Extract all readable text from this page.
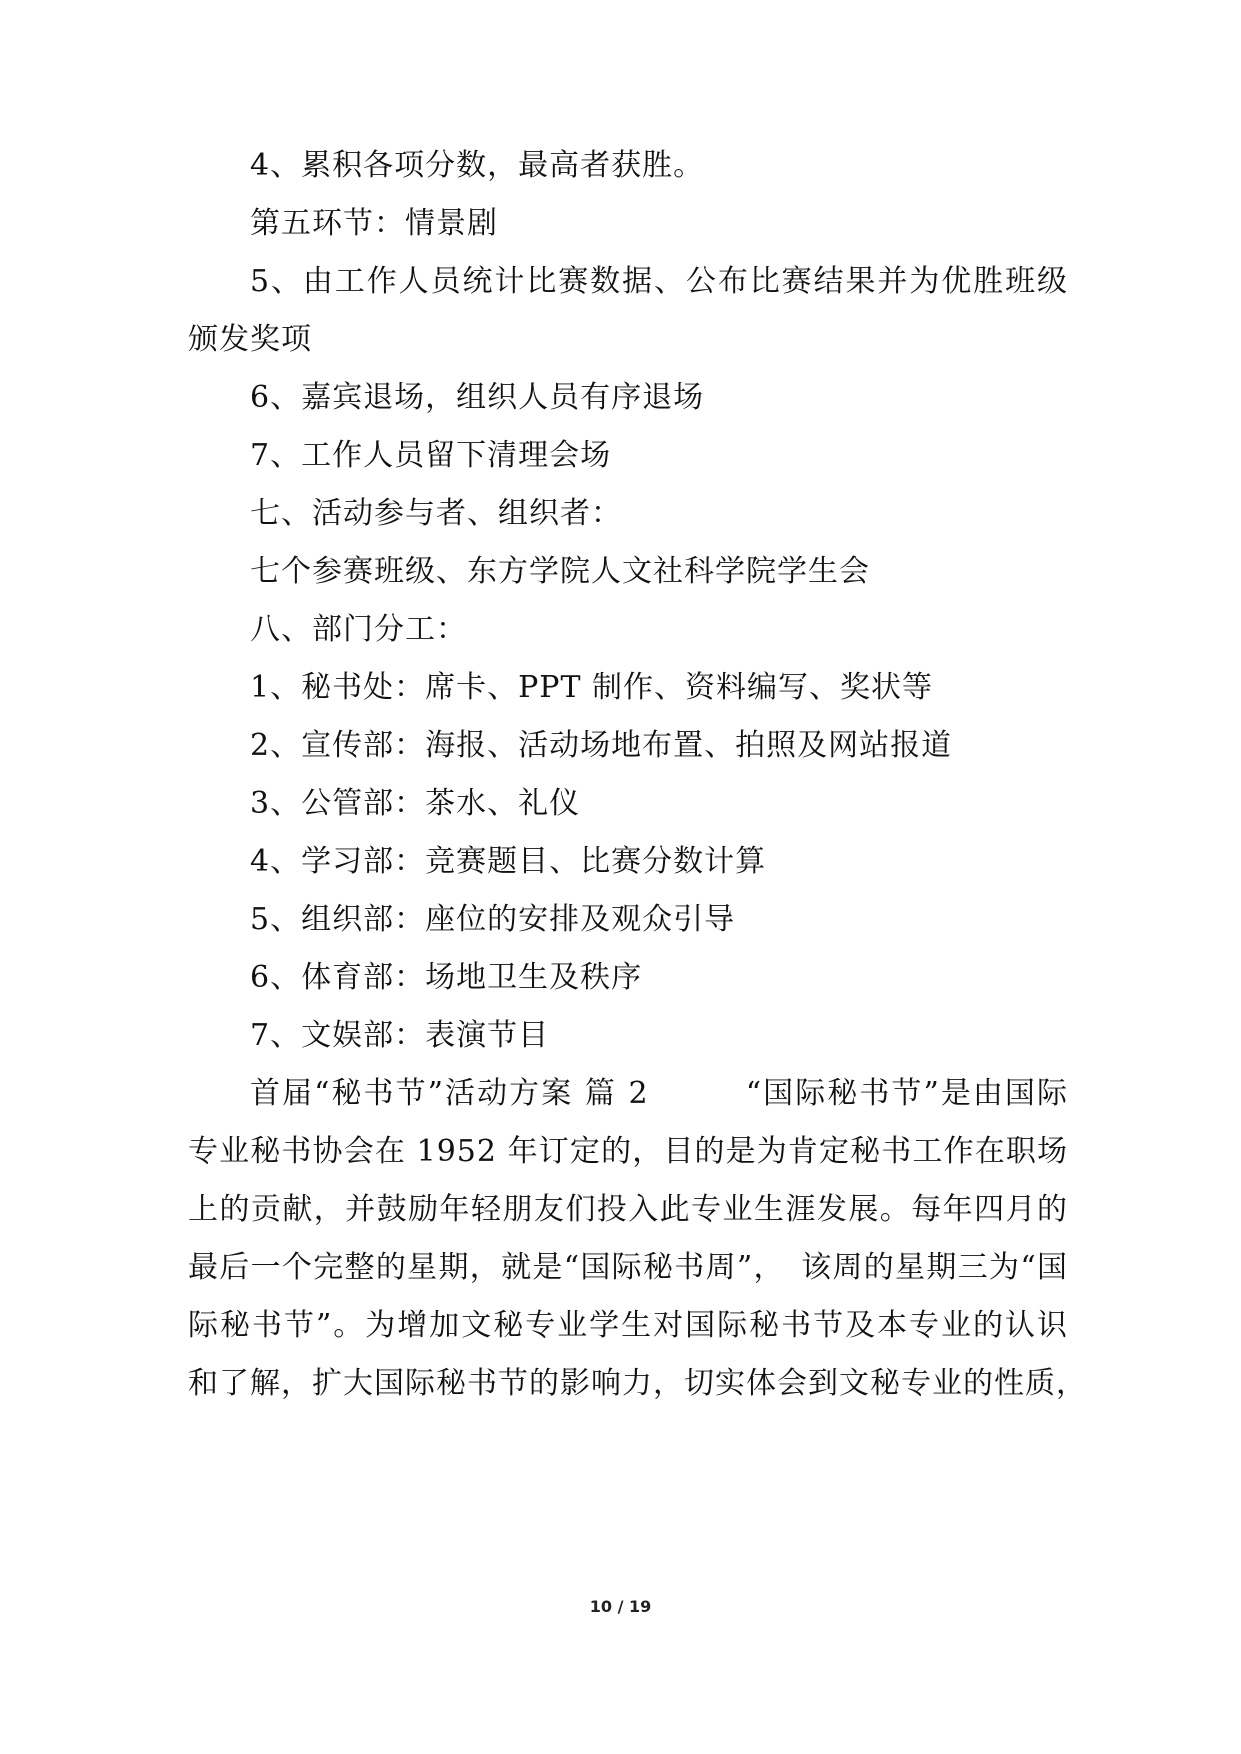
4、累积各项分数，最高者获胜。
第五环节：情景剧
5、由工作人员统计比赛数据、公布比赛结果并为优胜班级
颁发奖项
6、嘉宾退场，组织人员有序退场
7、工作人员留下清理会场
七、活动参与者、组织者：
七个参赛班级、东方学院人文社科学院学生会
八、部门分工：
1、秘书处：席卡、PPT 制作、资料编写、奖状等
2、宣传部：海报、活动场地布置、拍照及网站报道
3、公管部：茶水、礼仪
4、学习部：竞赛题目、比赛分数计算
5、组织部：座位的安排及观众引导
6、体育部：场地卫生及秩序
7、文娱部：表演节目
首届“秘书节”活动方案 篇 2　　　“国际秘书节”是由国际
专业秘书协会在 1952 年订定的，目的是为肯定秘书工作在职场
上的贡献，并鼓励年轻朋友们投入此专业生涯发展。每年四月的
最后一个完整的星期，就是“国际秘书周”，　该周的星期三为“国
际秘书节”。为增加文秘专业学生对国际秘书节及本专业的认识
和了解，扩大国际秘书节的影响力，切实体会到文秘专业的性质，
10 / 19
